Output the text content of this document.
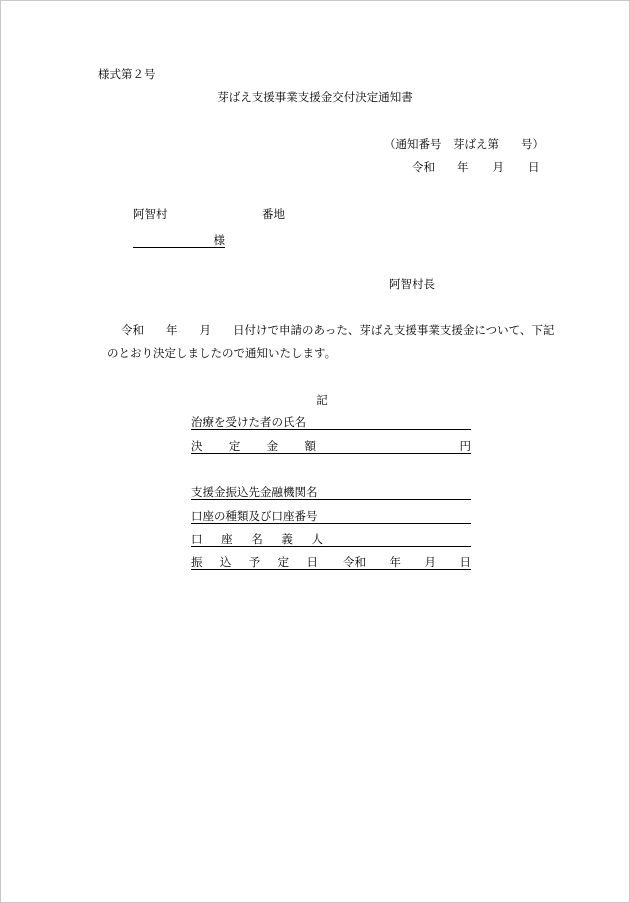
様式第２号
芽ばえ支援事業支援金交付決定通知書
（通知番号　芽ばえ第 号）
令和 年 月 日
阿智村	番地
様
阿智村長
令和 年 月 日付けで申請のあった、芽ばえ支援事業支援金について、下記
のとおり決定しましたので通知いたします。
記
治療を受けた者の氏名
決 定 金 額	円
支援金振込先金融機関名
口座の種類及び口座番号
口 座 名 義 人
振 込 予 定 日 令和 年 月 日
